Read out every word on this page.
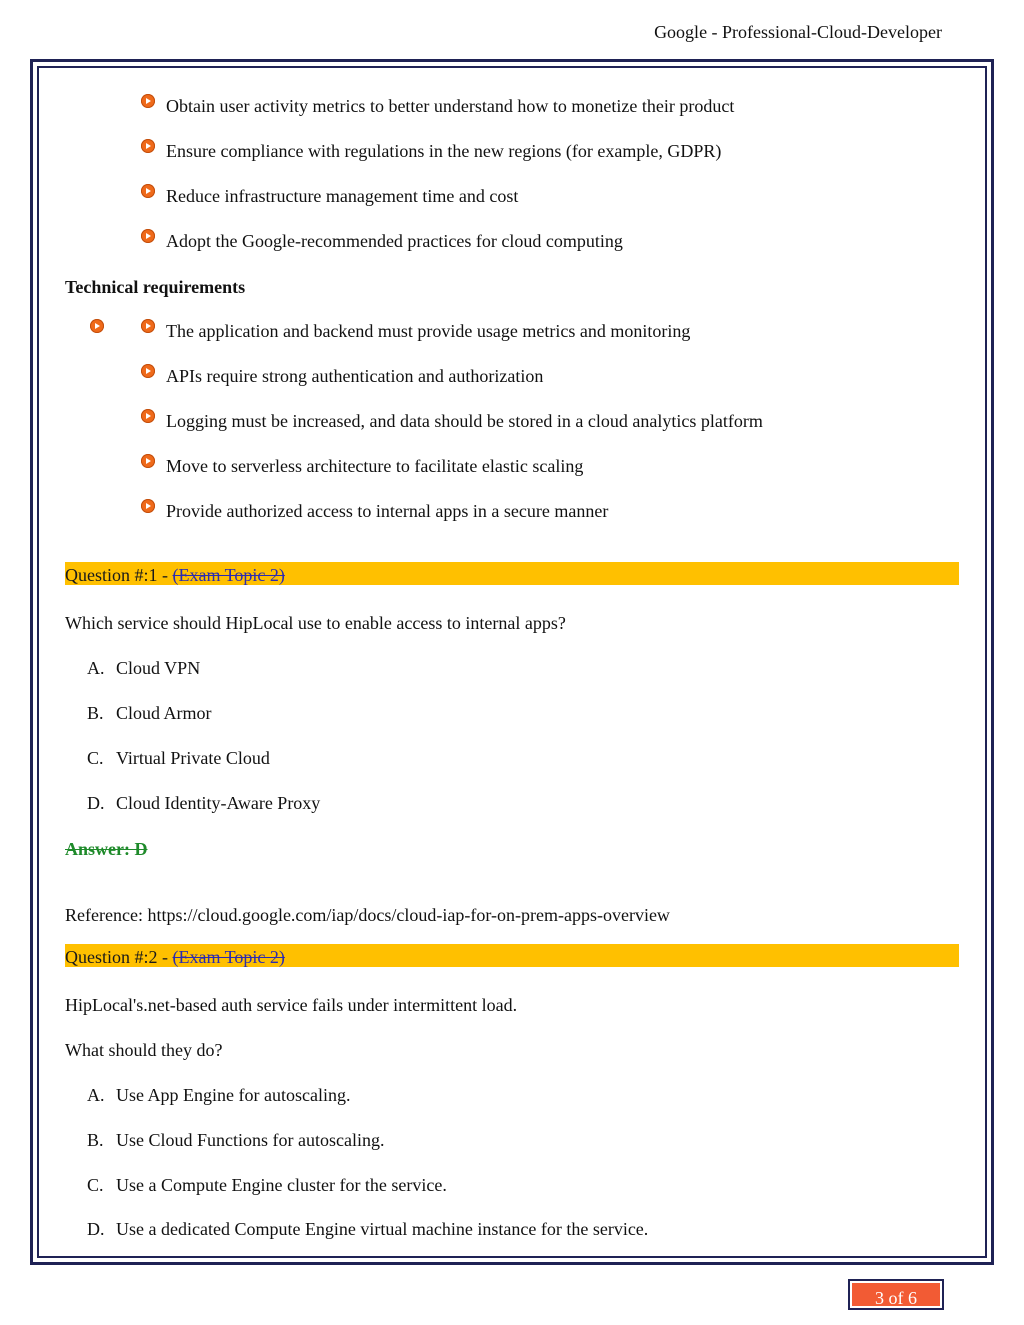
Google - Professional-Cloud-Developer
Obtain user activity metrics to better understand how to monetize their product
Ensure compliance with regulations in the new regions (for example, GDPR)
Reduce infrastructure management time and cost
Adopt the Google-recommended practices for cloud computing
Technical requirements
The application and backend must provide usage metrics and monitoring
APIs require strong authentication and authorization
Logging must be increased, and data should be stored in a cloud analytics platform
Move to serverless architecture to facilitate elastic scaling
Provide authorized access to internal apps in a secure manner
Question #:1 - (Exam Topic 2)
Which service should HipLocal use to enable access to internal apps?
A. Cloud VPN
B. Cloud Armor
C. Virtual Private Cloud
D. Cloud Identity-Aware Proxy
Answer: D
Reference: https://cloud.google.com/iap/docs/cloud-iap-for-on-prem-apps-overview
Question #:2 - (Exam Topic 2)
HipLocal's.net-based auth service fails under intermittent load.
What should they do?
A. Use App Engine for autoscaling.
B. Use Cloud Functions for autoscaling.
C. Use a Compute Engine cluster for the service.
D. Use a dedicated Compute Engine virtual machine instance for the service.
3 of 6
